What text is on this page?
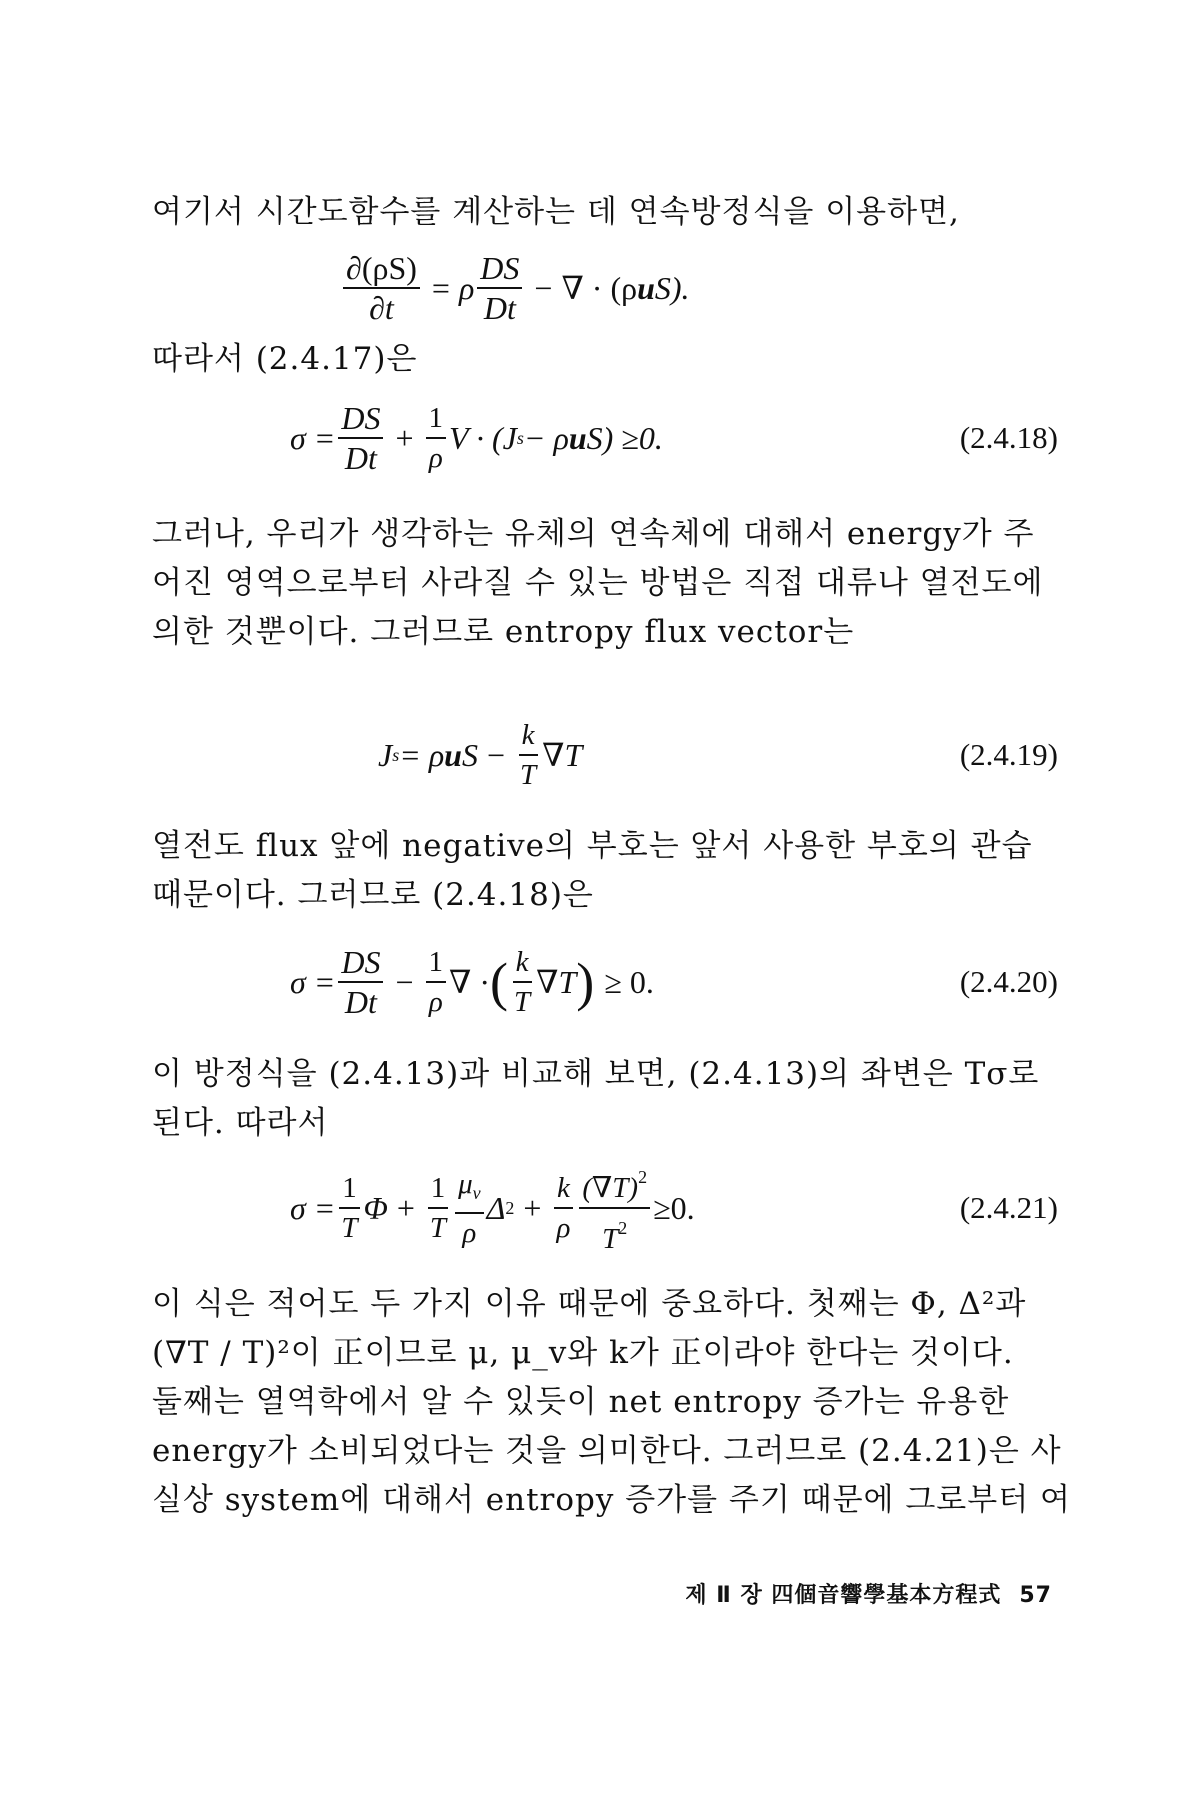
여기서 시간도함수를 계산하는 데 연속방정식을 이용하면,
$\frac{\partial(\rho S)}{\partial t} = \rho \frac{DS}{Dt}$ − ∇ · (ρ u S).
따라서 (2.4.17)은
$\sigma = \frac{DS}{Dt} + \frac{1}{\rho}$ V · (J s − ρ u S) ≥0.	(2.4.18)
그러나, 우리가 생각하는 유체의 연속체에 대해서 energy가 주
어진 영역으로부터 사라질 수 있는 방법은 직접 대류나 열전도에
의한 것뿐이다. 그러므로 entropy flux vector는
J s = ρ u $S - \frac{k}{T} \nabla T$	(2.4.19)
열전도 flux 앞에 negative의 부호는 앞서 사용한 부호의 관습
때문이다. 그러므로 (2.4.18)은
$\sigma = \frac{DS}{Dt} - \frac{1}{\rho}$ ∇ · ( $\frac{k}{T} \nabla T$ ) ≥ 0.	(2.4.20)
이 방정식을 (2.4.13)과 비교해 보면, (2.4.13)의 좌변은 Tσ로
된다. 따라서
$\sigma = \frac{1}{T}$ $\Phi + \frac{1}{T} \frac{\mu_v}{\rho}$ Δ $2 + \frac{k}{\rho} \frac{(\nabla T)^2}{T^2} \ge 0$.	(2.4.21)
이 식은 적어도 두 가지 이유 때문에 중요하다. 첫째는 Φ, Δ²과
(∇T / T)²이 正이므로 μ, μ_v와 k가 正이라야 한다는 것이다.
둘째는 열역학에서 알 수 있듯이 net entropy 증가는 유용한
energy가 소비되었다는 것을 의미한다. 그러므로 (2.4.21)은 사
실상 system에 대해서 entropy 증가를 주기 때문에 그로부터 여
제 Ⅱ 장 四個音響學基本方程式 57
